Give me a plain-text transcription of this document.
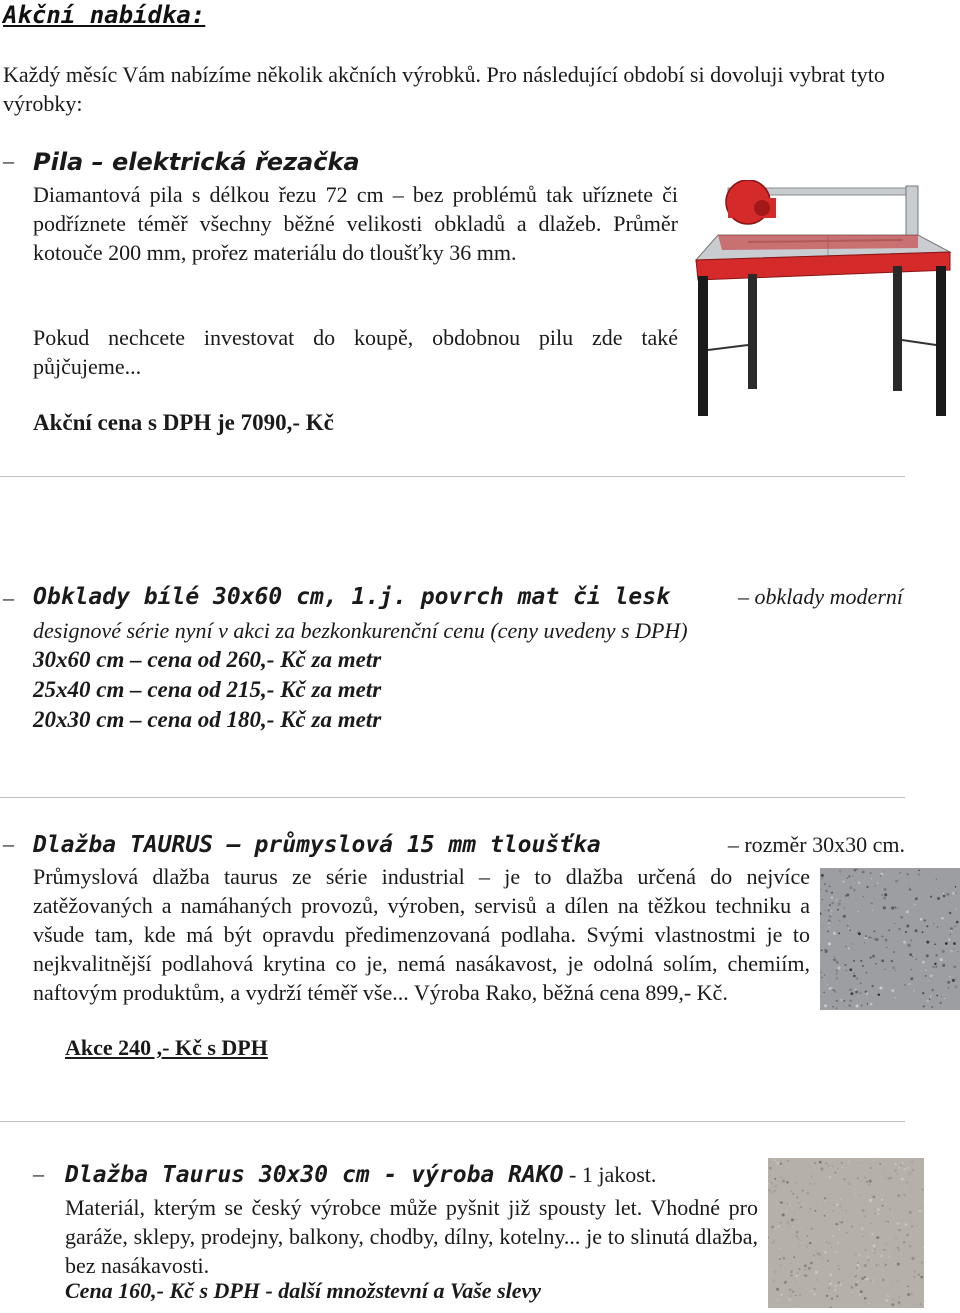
Akční nabídka:
Každý měsíc Vám nabízíme několik akčních výrobků. Pro následující období si dovoluji vybrat tyto výrobky:
– Pila – elektrická řezačka
Diamantová pila s délkou řezu 72 cm – bez problémů tak uříznete či podříznete téměř všechny běžné velikosti obkladů a dlažeb. Průměr kotouče 200 mm, prořez materiálu do tloušťky 36 mm.
Pokud nechcete investovat do koupě, obdobnou pilu zde také půjčujeme...
Akční cena s DPH je 7090,- Kč
– Obklady bílé 30x60 cm, 1.j. povrch mat či lesk	– obklady moderní
designové série nyní v akci za bezkonkurenční cenu (ceny uvedeny s DPH)
30x60 cm – cena od 260,- Kč za metr
25x40 cm – cena od 215,- Kč za metr
20x30 cm – cena od 180,- Kč za metr
– Dlažba TAURUS – průmyslová 15 mm tloušťka	– rozměr 30x30 cm.
Průmyslová dlažba taurus ze série industrial – je to dlažba určená do nejvíce zatěžovaných a namáhaných provozů, výroben, servisů a dílen na těžkou techniku a všude tam, kde má být opravdu předimenzovaná podlaha. Svými vlastnostmi je to nejkvalitnější podlahová krytina co je, nemá nasákavost, je odolná solím, chemiím, naftovým produktům, a vydrží téměř vše... Výroba Rako, běžná cena 899,- Kč.
Akce 240 ,- Kč s DPH
– Dlažba Taurus 30x30 cm - výroba RAKO - 1 jakost.
Materiál, kterým se český výrobce může pyšnit již spousty let. Vhodné pro garáže, sklepy, prodejny, balkony, chodby, dílny, kotelny... je to slinutá dlažba, bez nasákavosti.
Cena 160,- Kč s DPH - další množstevní a Vaše slevy
